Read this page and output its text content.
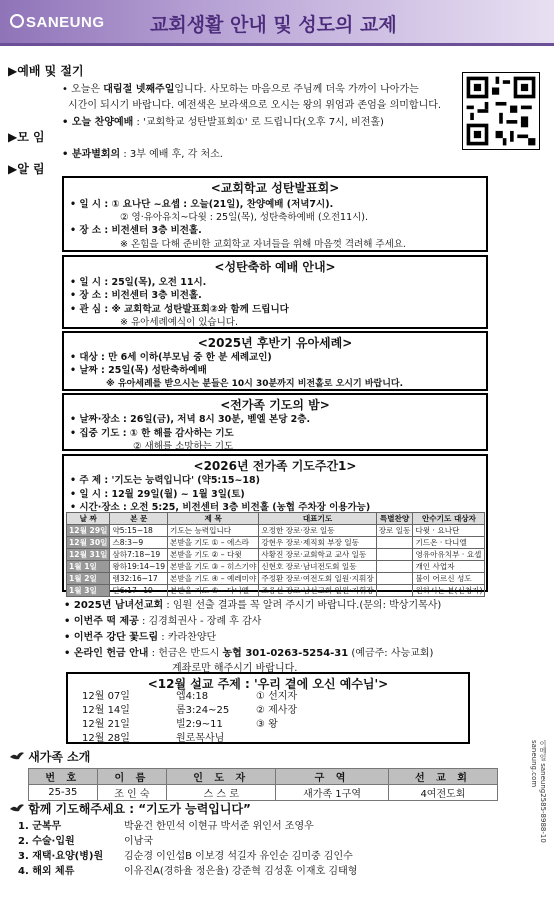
SANEUNG 교회생활 안내 및 성도의 교제
▶예배 및 절기
• 오늘은 대림절 넷째주일입니다. 사모하는 마음으로 주님께 더욱 가까이 나아가는
시간이 되시기 바랍니다. 예전색은 보라색으로 오시는 왕의 위엄과 존엄을 의미합니다.
• 오늘 찬양예배 : '교회학교 성탄발표회①' 로 드립니다(오후 7시, 비전홀)
▶모 임
• 분과별회의 : 3부 예배 후, 각 처소.
▶알 림
<교회학교 성탄발표회>
• 일 시 : ① 요나단 ~요셉 : 오늘(21일), 찬양예배 (저녁7시).
② 영·유아유치~다윗 : 25일(목), 성탄축하예배 (오전11시).
• 장 소 : 비전센터 3층 비전홀.
※ 온힘을 다해 준비한 교회학교 자녀들을 위해 마음껏 격려해 주세요.
<성탄축하 예배 안내>
• 일 시 : 25일(목), 오전 11시.
• 장 소 : 비전센터 3층 비전홀.
• 관 심 : ※ 교회학교 성탄발표회②와 함께 드립니다
※ 유아세례예식이 있습니다.
<2025년 후반기 유아세례>
• 대상 : 만 6세 이하(부모님 중 한 분 세례교인)
• 날짜 : 25일(목) 성탄축하예배
※ 유아세례를 받으시는 분들은 10시 30분까지 비전홀로 오시기 바랍니다.
<전가족 기도의 밤>
• 날짜·장소 : 26일(금), 저녁 8시 30분, 벧엘 본당 2층.
• 집중 기도 : ① 한 해를 감사하는 기도
② 새해를 소망하는 기도
<2026년 전가족 기도주간1>
• 주 제 : '기도는 능력입니다' (약5:15~18)
• 일 시 : 12월 29일(월) ~ 1월 3일(토)
• 시간·장소 : 오전 5:25, 비전센터 3층 비전홀 (농협 주차장 이용가능)
날 짜	본 문	제 목	대표기도	특별찬양	안수기도 대상자
12월 29일	약5:15~18	기도는 능력입니다	오정한 장로·장로 일동	장로 일동	다윗 · 요나단
12월 30일	스8:3~9	본받을 기도 ① – 에스라	강현우 장로·제직회 부장 일동		기드온 · 다니엘
12월 31일	삼하7:18~19	본받을 기도 ② – 다윗	사황진 장로·교회학교 교사 일동		영유아유치부 · 요셉
1월 1일	왕하19:14~19	본받을 기도 ③ – 히스기야	신현호 장로·남녀전도회 일동		개인 사업자
1월 2일	렘32:16~17	본받을 기도 ④ – 예레미야	주정환 장로·여전도회 일원·지휘장		불이 어르신 성도
1월 3일	단6:17~19	본받을 기도 ⑤ – 다니엘	조웅선 장로·남선교회 일원·지휘장		원하시는 분(신청자)
• 2025년 남녀선교회 : 임원 선출 결과를 꼭 알려 주시기 바랍니다.(문의: 박상기목사)
• 이번주 떡 제공 : 김경희권사 - 장례 후 감사
• 이번주 강단 꽃드림 : 카라찬양단
• 온라인 헌금 안내 : 헌금은 반드시 농협 301-0263-5254-31 (예금주: 사능교회)
계좌로만 해주시기 바랍니다.
<12월 설교 주제 : '우리 곁에 오신 예수님'>
12월 07일	엡4:18	① 선지자
12월 14일	롬3:24~25	② 제사장
12월 21일	빌2:9~11	③ 왕
12월 28일	원로목사님
새가족 소개
번 호	이 름	인 도 자	구 역	선 교 회
25-35	조 인 숙	스 스 로	새가족 1구역	4여전도회
함께 기도해주세요 : “기도가 능력입니다”
1. 군복무	박윤건 한민석 이현규 박서준 위인서 조영우
2. 수술·입원	이남국
3. 재택·요양(병)원 김순경 이인섭B 이보경 석길자 유인순 김미중 김인수
4. 해외 체류	이유진A(경하율 정은율) 강준혁 김성훈 이재호 김태형
이메일 saneung2585-8988-10 saneung.com
